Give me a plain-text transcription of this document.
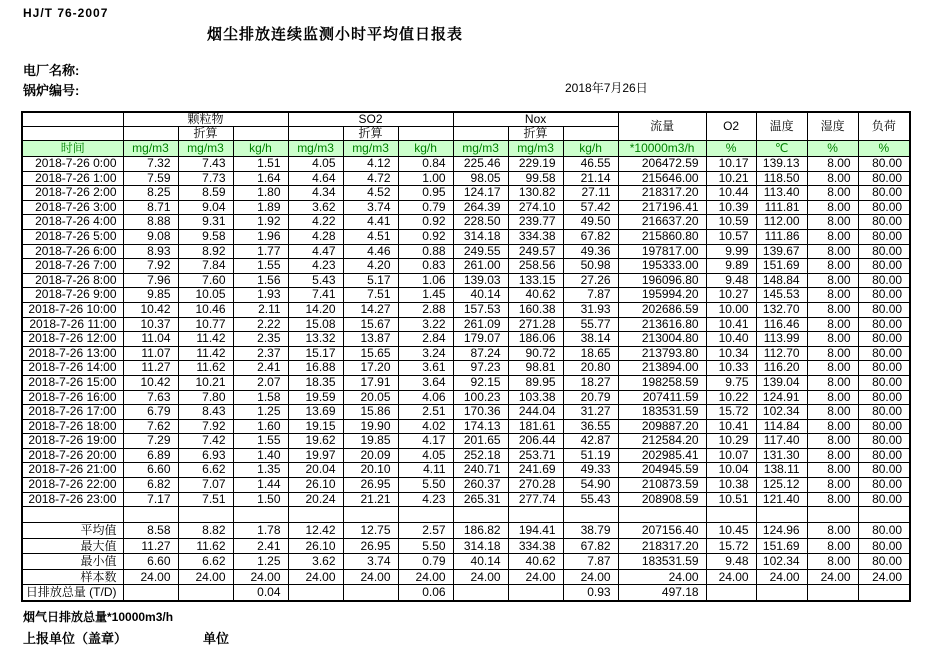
HJ/T 76-2007
烟尘排放连续监测小时平均值日报表
电厂名称:
锅炉编号:	2018年7月26日
	颗粒物			SO2			Nox			流量	O2	温度	湿度	负荷
		折算			折算			折算						
时间	mg/m3	mg/m3	kg/h	mg/m3	mg/m3	kg/h	mg/m3	mg/m3	kg/h	*10000m3/h	%	℃	%	%

2018-7-26 0:00	7.32	7.43	1.51	4.05	4.12	0.84	225.46	229.19	46.55	206472.59	10.17	139.13	8.00	80.00

2018-7-26 1:00	7.59	7.73	1.64	4.64	4.72	1.00	98.05	99.58	21.14	215646.00	10.21	118.50	8.00	80.00

2018-7-26 2:00	8.25	8.59	1.80	4.34	4.52	0.95	124.17	130.82	27.11	218317.20	10.44	113.40	8.00	80.00

2018-7-26 3:00	8.71	9.04	1.89	3.62	3.74	0.79	264.39	274.10	57.42	217196.41	10.39	111.81	8.00	80.00

2018-7-26 4:00	8.88	9.31	1.92	4.22	4.41	0.92	228.50	239.77	49.50	216637.20	10.59	112.00	8.00	80.00

2018-7-26 5:00	9.08	9.58	1.96	4.28	4.51	0.92	314.18	334.38	67.82	215860.80	10.57	111.86	8.00	80.00

2018-7-26 6:00	8.93	8.92	1.77	4.47	4.46	0.88	249.55	249.57	49.36	197817.00	9.99	139.67	8.00	80.00

2018-7-26 7:00	7.92	7.84	1.55	4.23	4.20	0.83	261.00	258.56	50.98	195333.00	9.89	151.69	8.00	80.00

2018-7-26 8:00	7.96	7.60	1.56	5.43	5.17	1.06	139.03	133.15	27.26	196096.80	9.48	148.84	8.00	80.00

2018-7-26 9:00	9.85	10.05	1.93	7.41	7.51	1.45	40.14	40.62	7.87	195994.20	10.27	145.53	8.00	80.00

2018-7-26 10:00	10.42	10.46	2.11	14.20	14.27	2.88	157.53	160.38	31.93	202686.59	10.00	132.70	8.00	80.00

2018-7-26 11:00	10.37	10.77	2.22	15.08	15.67	3.22	261.09	271.28	55.77	213616.80	10.41	116.46	8.00	80.00

2018-7-26 12:00	11.04	11.42	2.35	13.32	13.87	2.84	179.07	186.06	38.14	213004.80	10.40	113.99	8.00	80.00

2018-7-26 13:00	11.07	11.42	2.37	15.17	15.65	3.24	87.24	90.72	18.65	213793.80	10.34	112.70	8.00	80.00

2018-7-26 14:00	11.27	11.62	2.41	16.88	17.20	3.61	97.23	98.81	20.80	213894.00	10.33	116.20	8.00	80.00

2018-7-26 15:00	10.42	10.21	2.07	18.35	17.91	3.64	92.15	89.95	18.27	198258.59	9.75	139.04	8.00	80.00

2018-7-26 16:00	7.63	7.80	1.58	19.59	20.05	4.06	100.23	103.38	20.79	207411.59	10.22	124.91	8.00	80.00

2018-7-26 17:00	6.79	8.43	1.25	13.69	15.86	2.51	170.36	244.04	31.27	183531.59	15.72	102.34	8.00	80.00

2018-7-26 18:00	7.62	7.92	1.60	19.15	19.90	4.02	174.13	181.61	36.55	209887.20	10.41	114.84	8.00	80.00

2018-7-26 19:00	7.29	7.42	1.55	19.62	19.85	4.17	201.65	206.44	42.87	212584.20	10.29	117.40	8.00	80.00

2018-7-26 20:00	6.89	6.93	1.40	19.97	20.09	4.05	252.18	253.71	51.19	202985.41	10.07	131.30	8.00	80.00

2018-7-26 21:00	6.60	6.62	1.35	20.04	20.10	4.11	240.71	241.69	49.33	204945.59	10.04	138.11	8.00	80.00

2018-7-26 22:00	6.82	7.07	1.44	26.10	26.95	5.50	260.37	270.28	54.90	210873.59	10.38	125.12	8.00	80.00

2018-7-26 23:00	7.17	7.51	1.50	20.24	21.21	4.23	265.31	277.74	55.43	208908.59	10.51	121.40	8.00	80.00

平均值	8.58	8.82	1.78	12.42	12.75	2.57	186.82	194.41	38.79	207156.40	10.45	124.96	8.00	80.00

最大值	11.27	11.62	2.41	26.10	26.95	5.50	314.18	334.38	67.82	218317.20	15.72	151.69	8.00	80.00

最小值	6.60	6.62	1.25	3.62	3.74	0.79	40.14	40.62	7.87	183531.59	9.48	102.34	8.00	80.00

样本数	24.00	24.00	24.00	24.00	24.00	24.00	24.00	24.00	24.00	24.00	24.00	24.00	24.00	24.00

日排放总量 (T/D)			0.04			0.06			0.93	497.18				
烟气日排放总量*10000m3/h
上报单位（盖章）	单位
